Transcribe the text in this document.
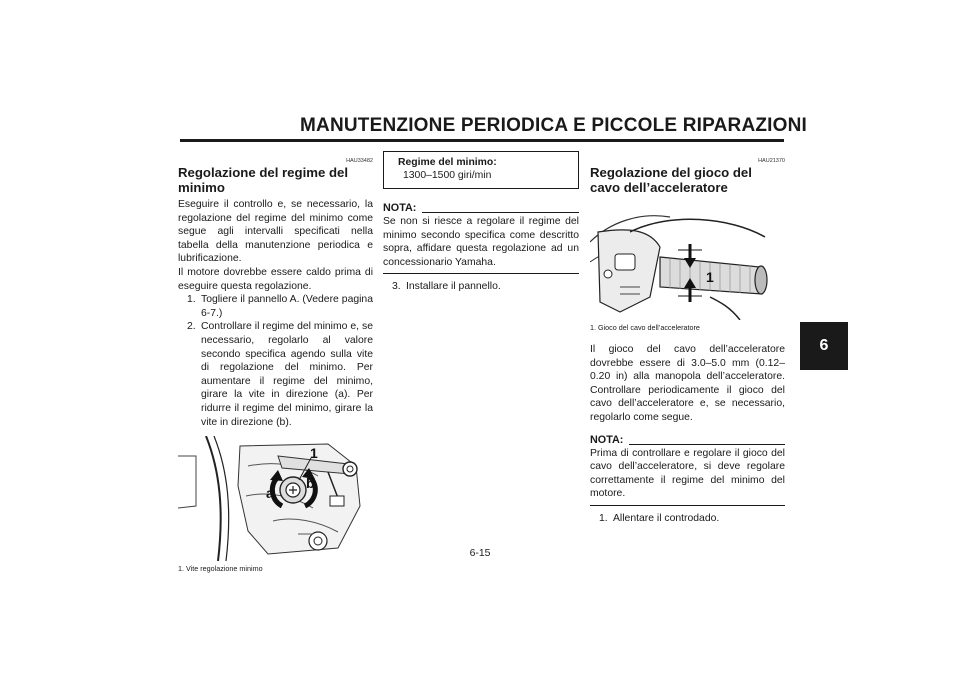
MANUTENZIONE PERIODICA E PICCOLE RIPARAZIONI
6
HAU33482
Regolazione del regime del minimo

Eseguire il controllo e, se necessario, la regolazione del regime del minimo come segue agli intervalli specificati nella tabella della manutenzione periodica e lubrificazione.

Il motore dovrebbe essere caldo prima di eseguire questa regolazione.

1. Togliere il pannello A. (Vedere pagina 6-7.)
2. Controllare il regime del minimo e, se necessario, regolarlo al valore secondo specifica agendo sulla vite di regolazione del minimo. Per aumentare il regime del minimo, girare la vite in direzione (a). Per ridurre il regime del minimo, girare la vite in direzione (b).
1
a
b
1. Vite regolazione minimo
Regime del minimo:
1300–1500 giri/min
NOTA:

Se non si riesce a regolare il regime del minimo secondo specifica come descritto sopra, affidare questa regolazione ad un concessionario Yamaha.

3. Installare il pannello.
HAU21370
Regolazione del gioco del cavo dell’acceleratore
1
1. Gioco del cavo dell’acceleratore

Il gioco del cavo dell’acceleratore dovrebbe essere di 3.0–5.0 mm (0.12–0.20 in) alla manopola dell’acceleratore. Controllare periodicamente il gioco del cavo dell’acceleratore e, se necessario, regolarlo come segue.

NOTA:

Prima di controllare e regolare il gioco del cavo dell’acceleratore, si deve regolare correttamente il regime del minimo del motore.

1. Allentare il controdado.
6-15
